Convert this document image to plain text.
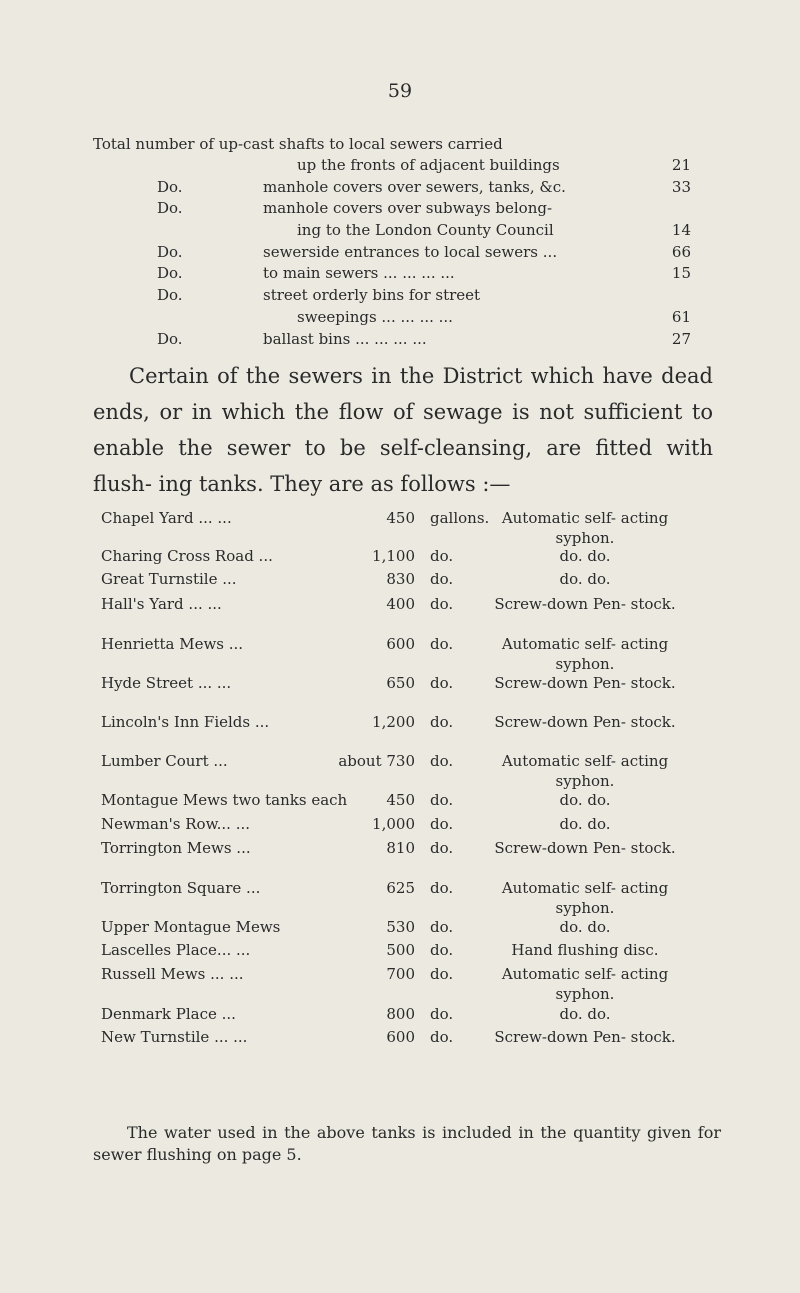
59
Total number of up-cast shafts to local sewers carried
up the fronts of adjacent buildings	21
Do.	manhole covers over sewers, tanks, &c.	33
Do.	manhole covers over subways belong-
ing to the London County Council	14
Do.	sewerside entrances to local sewers ...	66
Do.	to main sewers ... ... ... ...	15
Do.	street orderly bins for street
sweepings ... ... ... ...	61
Do.	ballast bins ... ... ... ...	27

Certain of the sewers in the District which have dead ends, or in which the flow of sewage is not sufficient to enable the sewer to be self-cleansing, are fitted with flush- ing tanks. They are as follows :—

Chapel Yard ... ...	450 gallons. Automatic self- acting syphon.
Charing Cross Road ...	1,100 do.	do. do.
Great Turnstile ...	830 do.	do. do.
Hall's Yard ... ...	400 do.	Screw-down Pen- stock.
Henrietta Mews ...	600 do.	Automatic self- acting syphon.
Hyde Street ... ...	650 do.	Screw-down Pen- stock.
Lincoln's Inn Fields ...	1,200 do.	Screw-down Pen- stock.
Lumber Court ...	about 730 do.	Automatic self- acting syphon.
Montague Mews two tanks each	450 do.	do. do.
Newman's Row... ...	1,000 do.	do. do.
Torrington Mews ...	810 do.	Screw-down Pen- stock.
Torrington Square ...	625 do.	Automatic self- acting syphon.
Upper Montague Mews	530 do.	do. do.
Lascelles Place... ...	500 do.	Hand flushing disc.
Russell Mews ... ...	700 do.	Automatic self- acting syphon.
Denmark Place ...	800 do.	do. do.
New Turnstile ... ...	600 do.	Screw-down Pen- stock.

The water used in the above tanks is included in the quantity given for sewer flushing on page 5.
